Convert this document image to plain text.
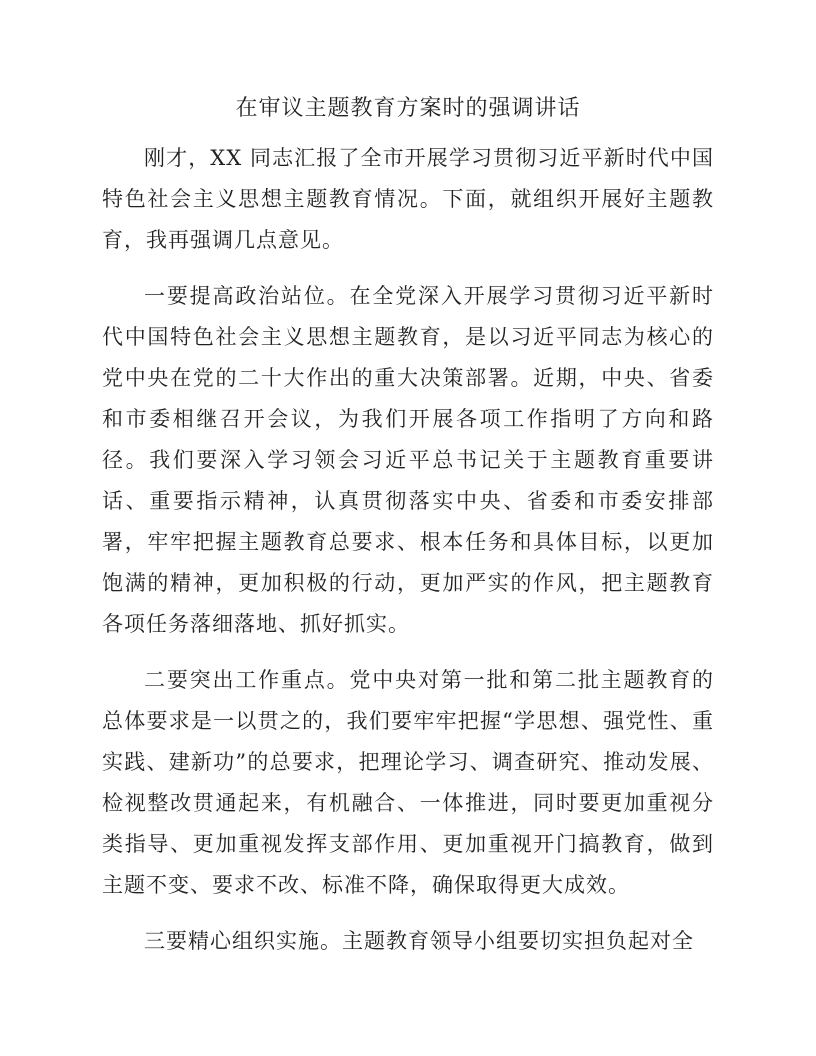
在审议主题教育方案时的强调讲话

刚才，XX 同志汇报了全市开展学习贯彻习近平新时代中国特色社会主义思想主题教育情况。下面，就组织开展好主题教育，我再强调几点意见。

一要提高政治站位。在全党深入开展学习贯彻习近平新时代中国特色社会主义思想主题教育，是以习近平同志为核心的党中央在党的二十大作出的重大决策部署。近期，中央、省委和市委相继召开会议，为我们开展各项工作指明了方向和路径。我们要深入学习领会习近平总书记关于主题教育重要讲话、重要指示精神，认真贯彻落实中央、省委和市委安排部署，牢牢把握主题教育总要求、根本任务和具体目标，以更加饱满的精神，更加积极的行动，更加严实的作风，把主题教育各项任务落细落地、抓好抓实。

二要突出工作重点。党中央对第一批和第二批主题教育的总体要求是一以贯之的，我们要牢牢把握“学思想、强党性、重实践、建新功”的总要求，把理论学习、调查研究、推动发展、检视整改贯通起来，有机融合、一体推进，同时要更加重视分类指导、更加重视发挥支部作用、更加重视开门搞教育，做到主题不变、要求不改、标准不降，确保取得更大成效。

三要精心组织实施。主题教育领导小组要切实担负起对全
